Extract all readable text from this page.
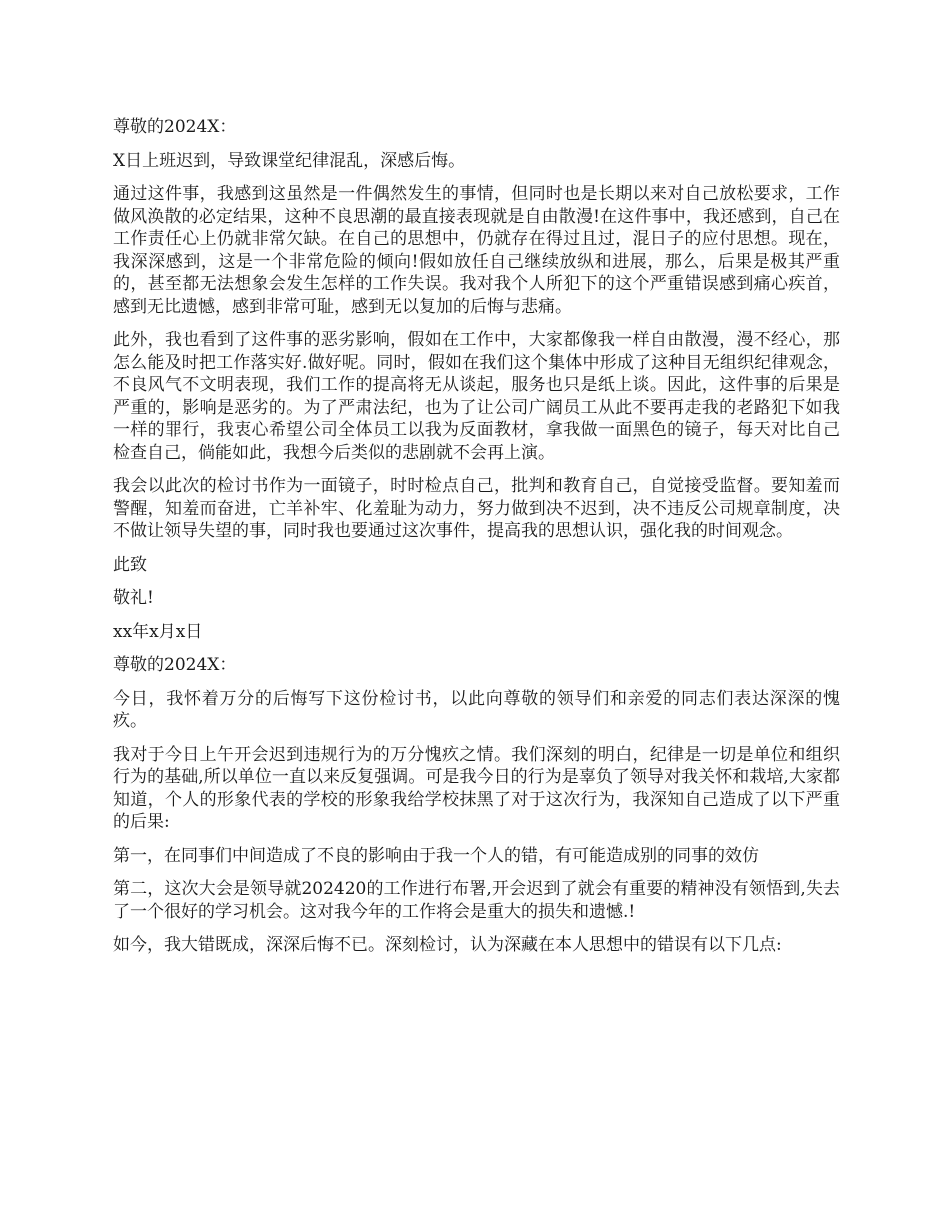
尊敬的2024X：

X日上班迟到，导致课堂纪律混乱，深感后悔。

通过这件事，我感到这虽然是一件偶然发生的事情，但同时也是长期以来对自己放松要求，工作做风涣散的必定结果，这种不良思潮的最直接表现就是自由散漫!在这件事中，我还感到，自己在工作责任心上仍就非常欠缺。在自己的思想中，仍就存在得过且过，混日子的应付思想。现在，我深深感到，这是一个非常危险的倾向!假如放任自己继续放纵和进展，那么，后果是极其严重的，甚至都无法想象会发生怎样的工作失误。我对我个人所犯下的这个严重错误感到痛心疾首，感到无比遗憾，感到非常可耻，感到无以复加的后悔与悲痛。

此外，我也看到了这件事的恶劣影响，假如在工作中，大家都像我一样自由散漫，漫不经心，那怎么能及时把工作落实好.做好呢。同时，假如在我们这个集体中形成了这种目无组织纪律观念，不良风气不文明表现，我们工作的提高将无从谈起，服务也只是纸上谈。因此，这件事的后果是严重的，影响是恶劣的。为了严肃法纪，也为了让公司广阔员工从此不要再走我的老路犯下如我一样的罪行，我衷心希望公司全体员工以我为反面教材，拿我做一面黑色的镜子，每天对比自己检查自己，倘能如此，我想今后类似的悲剧就不会再上演。

我会以此次的检讨书作为一面镜子，时时检点自己，批判和教育自己，自觉接受监督。要知羞而警醒，知羞而奋进，亡羊补牢、化羞耻为动力，努力做到决不迟到，决不违反公司规章制度，决不做让领导失望的事，同时我也要通过这次事件，提高我的思想认识，强化我的时间观念。

此致

敬礼!

xx年x月x日

尊敬的2024X：

今日，我怀着万分的后悔写下这份检讨书，以此向尊敬的领导们和亲爱的同志们表达深深的愧疚。

我对于今日上午开会迟到违规行为的万分愧疚之情。我们深刻的明白，纪律是一切是单位和组织行为的基础,所以单位一直以来反复强调。可是我今日的行为是辜负了领导对我关怀和栽培,大家都知道，个人的形象代表的学校的形象我给学校抹黑了对于这次行为，我深知自己造成了以下严重的后果:

第一，在同事们中间造成了不良的影响由于我一个人的错，有可能造成别的同事的效仿

第二，这次大会是领导就202420的工作进行布署,开会迟到了就会有重要的精神没有领悟到,失去了一个很好的学习机会。这对我今年的工作将会是重大的损失和遗憾.!

如今，我大错既成，深深后悔不已。深刻检讨，认为深藏在本人思想中的错误有以下几点:
